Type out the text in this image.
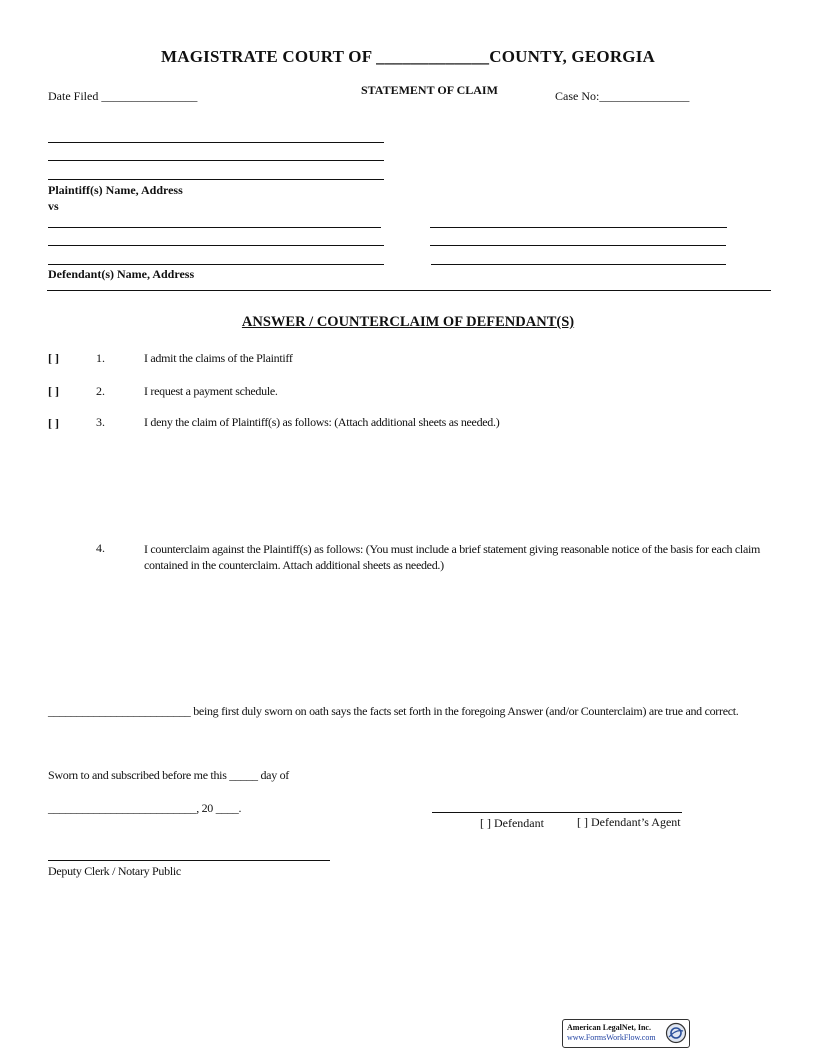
MAGISTRATE COURT OF _____________COUNTY, GEORGIA
Date Filed ________________	STATEMENT OF CLAIM	Case No:_______________
Plaintiff(s) Name, Address
vs
Defendant(s) Name, Address
ANSWER / COUNTERCLAIM OF DEFENDANT(S)
[ ]	1.	I admit the claims of the Plaintiff
[ ]	2.	I request a payment schedule.
[ ]	3.	I deny the claim of Plaintiff(s) as follows: (Attach additional sheets as needed.)
4.	I counterclaim against the Plaintiff(s) as follows: (You must include a brief statement giving reasonable notice of the basis for each claim contained in the counterclaim. Attach additional sheets as needed.)
_________________________ being first duly sworn on oath says the facts set forth in the foregoing Answer (and/or Counterclaim) are true and correct.
Sworn to and subscribed before me this _____ day of
__________________________, 20 ____.
[ ] Defendant	[ ] Defendant’s Agent
Deputy Clerk / Notary Public
American LegalNet, Inc.
www.FormsWorkFlow.com
